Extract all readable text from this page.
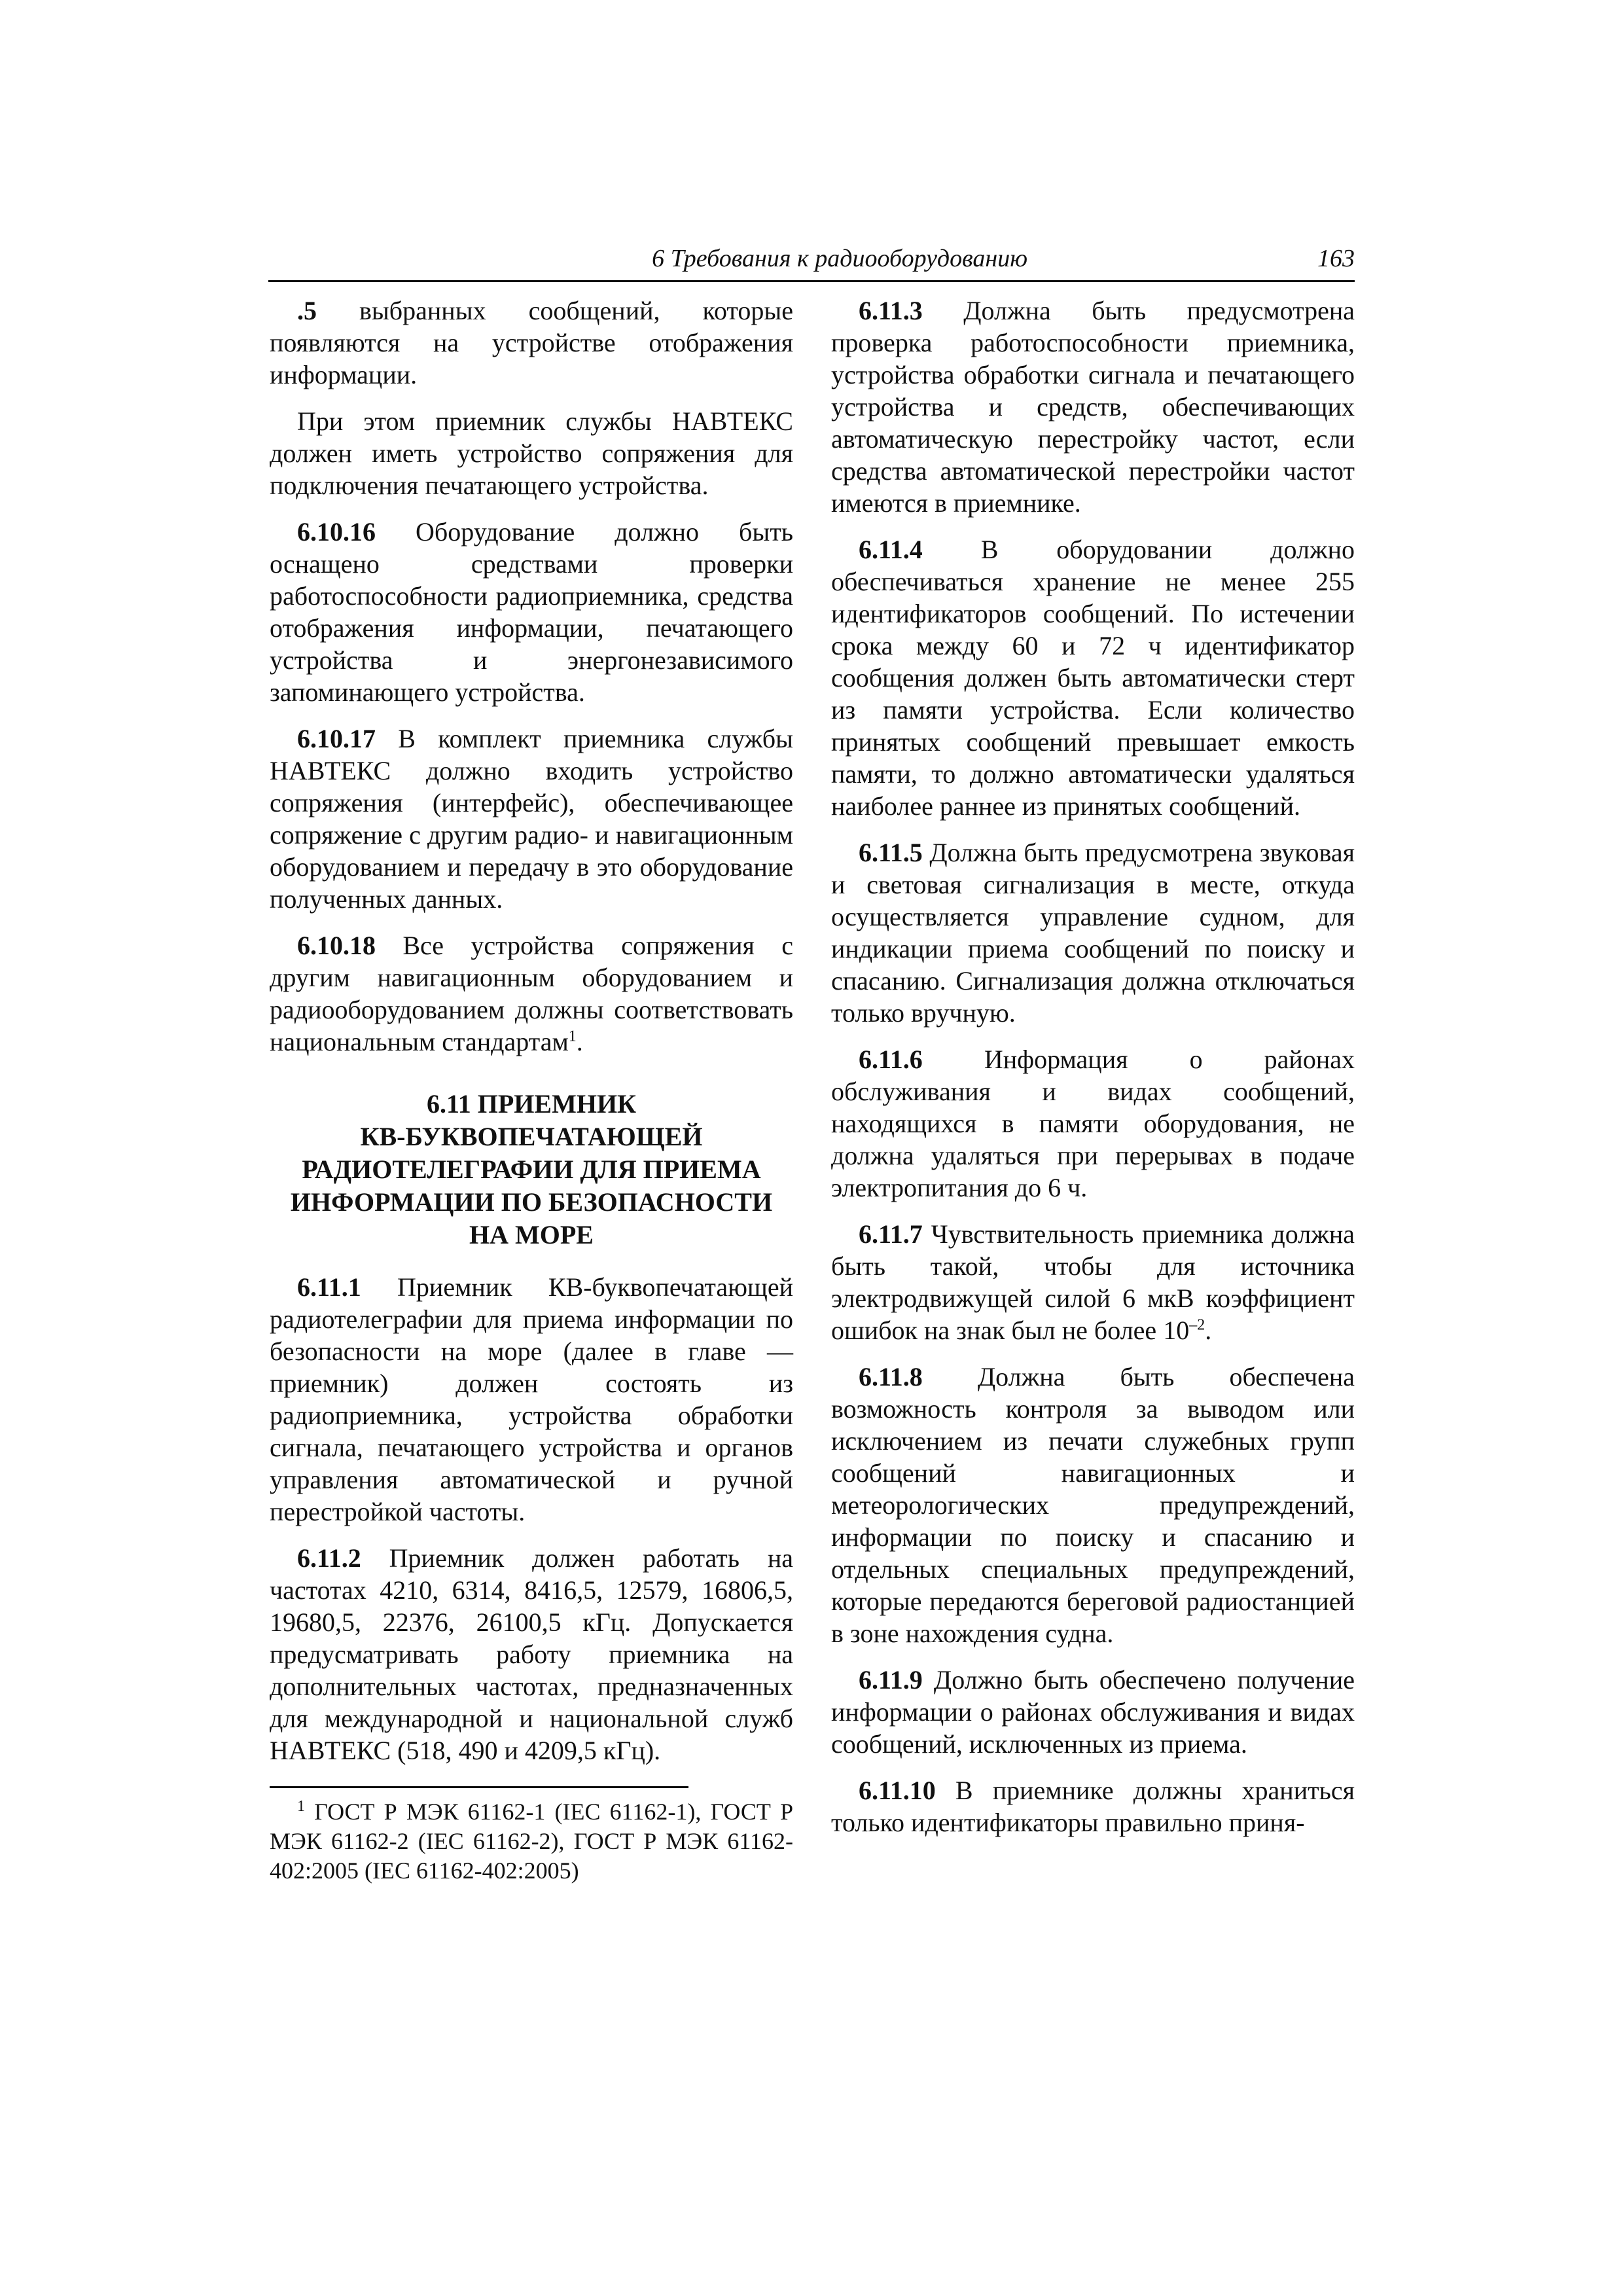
6 Требования к радиооборудованию	163

.5 выбранных сообщений, которые появляются на устройстве отображения информации.

При этом приемник службы НАВТЕКС должен иметь устройство сопряжения для подключения печатающего устройства.

6.10.16 Оборудование должно быть оснащено средствами проверки работоспособности радиоприемника, средства отображения информации, печатающего устройства и энергонезависимого запоминающего устройства.

6.10.17 В комплект приемника службы НАВТЕКС должно входить устройство сопряжения (интерфейс), обеспечивающее сопряжение с другим радио- и навигационным оборудованием и передачу в это оборудование полученных данных.

6.10.18 Все устройства сопряжения с другим навигационным оборудованием и радиооборудованием должны соответствовать национальным стандартам$^1$.

6.11 ПРИЕМНИК
КВ-БУКВОПЕЧАТАЮЩЕЙ
РАДИОТЕЛЕГРАФИИ ДЛЯ ПРИЕМА
ИНФОРМАЦИИ ПО БЕЗОПАСНОСТИ
НА МОРЕ

6.11.1 Приемник КВ-буквопечатающей радиотелеграфии для приема информации по безопасности на море (далее в главе — приемник) должен состоять из радиоприемника, устройства обработки сигнала, печатающего устройства и органов управления автоматической и ручной перестройкой частоты.

6.11.2 Приемник должен работать на частотах 4210, 6314, 8416,5, 12579, 16806,5, 19680,5, 22376, 26100,5 кГц. Допускается предусматривать работу приемника на дополнительных частотах, предназначенных для международной и национальной служб НАВТЕКС (518, 490 и 4209,5 кГц).

$^1$ ГОСТ Р МЭК 61162-1 (IEC 61162-1), ГОСТ Р МЭК 61162-2 (IEC 61162-2), ГОСТ Р МЭК 61162-402:2005 (IEC 61162-402:2005)

6.11.3 Должна быть предусмотрена проверка работоспособности приемника, устройства обработки сигнала и печатающего устройства и средств, обеспечивающих автоматическую перестройку частот, если средства автоматической перестройки частот имеются в приемнике.

6.11.4 В оборудовании должно обеспечиваться хранение не менее 255 идентификаторов сообщений. По истечении срока между 60 и 72 ч идентификатор сообщения должен быть автоматически стерт из памяти устройства. Если количество принятых сообщений превышает емкость памяти, то должно автоматически удаляться наиболее раннее из принятых сообщений.

6.11.5 Должна быть предусмотрена звуковая и световая сигнализация в месте, откуда осуществляется управление судном, для индикации приема сообщений по поиску и спасанию. Сигнализация должна отключаться только вручную.

6.11.6 Информация о районах обслуживания и видах сообщений, находящихся в памяти оборудования, не должна удаляться при перерывах в подаче электропитания до 6 ч.

6.11.7 Чувствительность приемника должна быть такой, чтобы для источника электродвижущей силой 6 мкВ коэффициент ошибок на знак был не более $10^{-2}$.

6.11.8 Должна быть обеспечена возможность контроля за выводом или исключением из печати служебных групп сообщений навигационных и метеорологических предупреждений, информации по поиску и спасанию и отдельных специальных предупреждений, которые передаются береговой радиостанцией в зоне нахождения судна.

6.11.9 Должно быть обеспечено получение информации о районах обслуживания и видах сообщений, исключенных из приема.

6.11.10 В приемнике должны храниться только идентификаторы правильно приня-
